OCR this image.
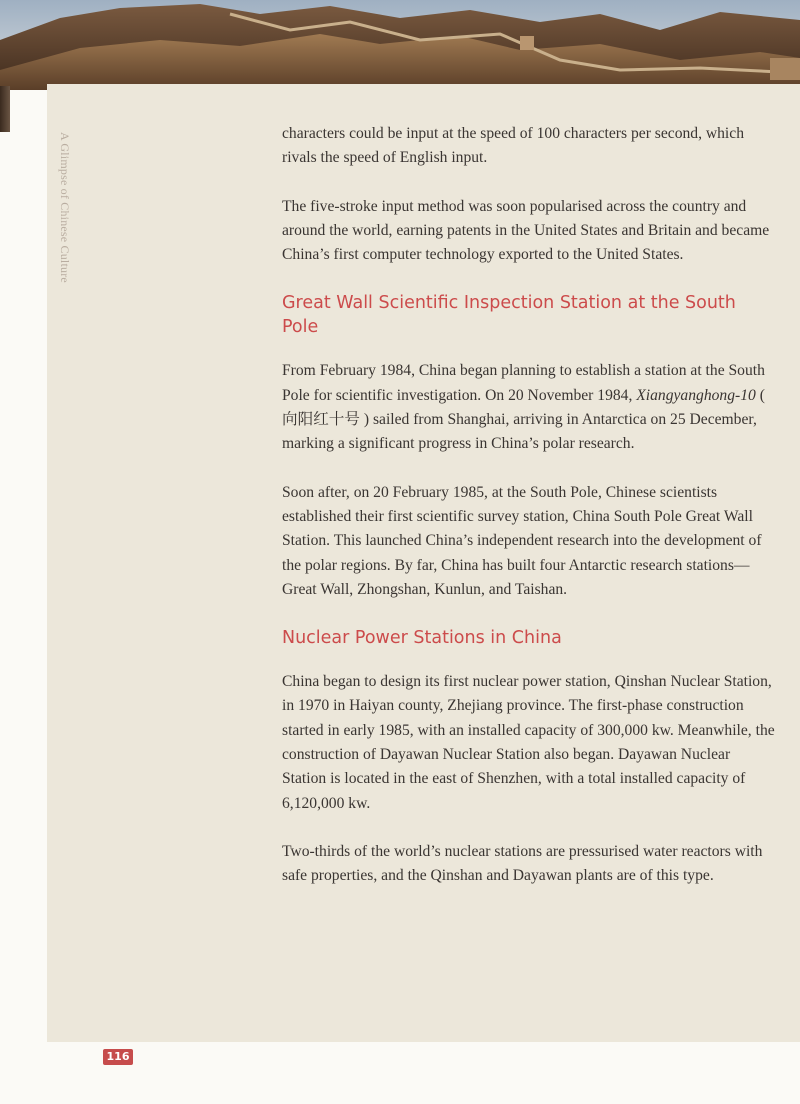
A Glimpse of Chinese Culture	characters could be input at the speed of 100 characters per second, which rivals the speed of English input.

The five-stroke input method was soon popularised across the country and around the world, earning patents in the United States and Britain and became China’s first computer technology exported to the United States.

Great Wall Scientific Inspection Station at the South Pole

From February 1984, China began planning to establish a station at the South Pole for scientific investigation. On 20 November 1984, Xiangyanghong-10 ( 向阳红十号 ) sailed from Shanghai, arriving in Antarctica on 25 December, marking a significant progress in China’s polar research.

Soon after, on 20 February 1985, at the South Pole, Chinese scientists established their first scientific survey station, China South Pole Great Wall Station. This launched China’s independent research into the development of the polar regions. By far, China has built four Antarctic research stations—Great Wall, Zhongshan, Kunlun, and Taishan.

Nuclear Power Stations in China

China began to design its first nuclear power station, Qinshan Nuclear Station, in 1970 in Haiyan county, Zhejiang province. The first-phase construction started in early 1985, with an installed capacity of 300,000 kw. Meanwhile, the construction of Dayawan Nuclear Station also began. Dayawan Nuclear Station is located in the east of Shenzhen, with a total installed capacity of 6,120,000 kw.

Two-thirds of the world’s nuclear stations are pressurised water reactors with safe properties, and the Qinshan and Dayawan plants are of this type.

116
